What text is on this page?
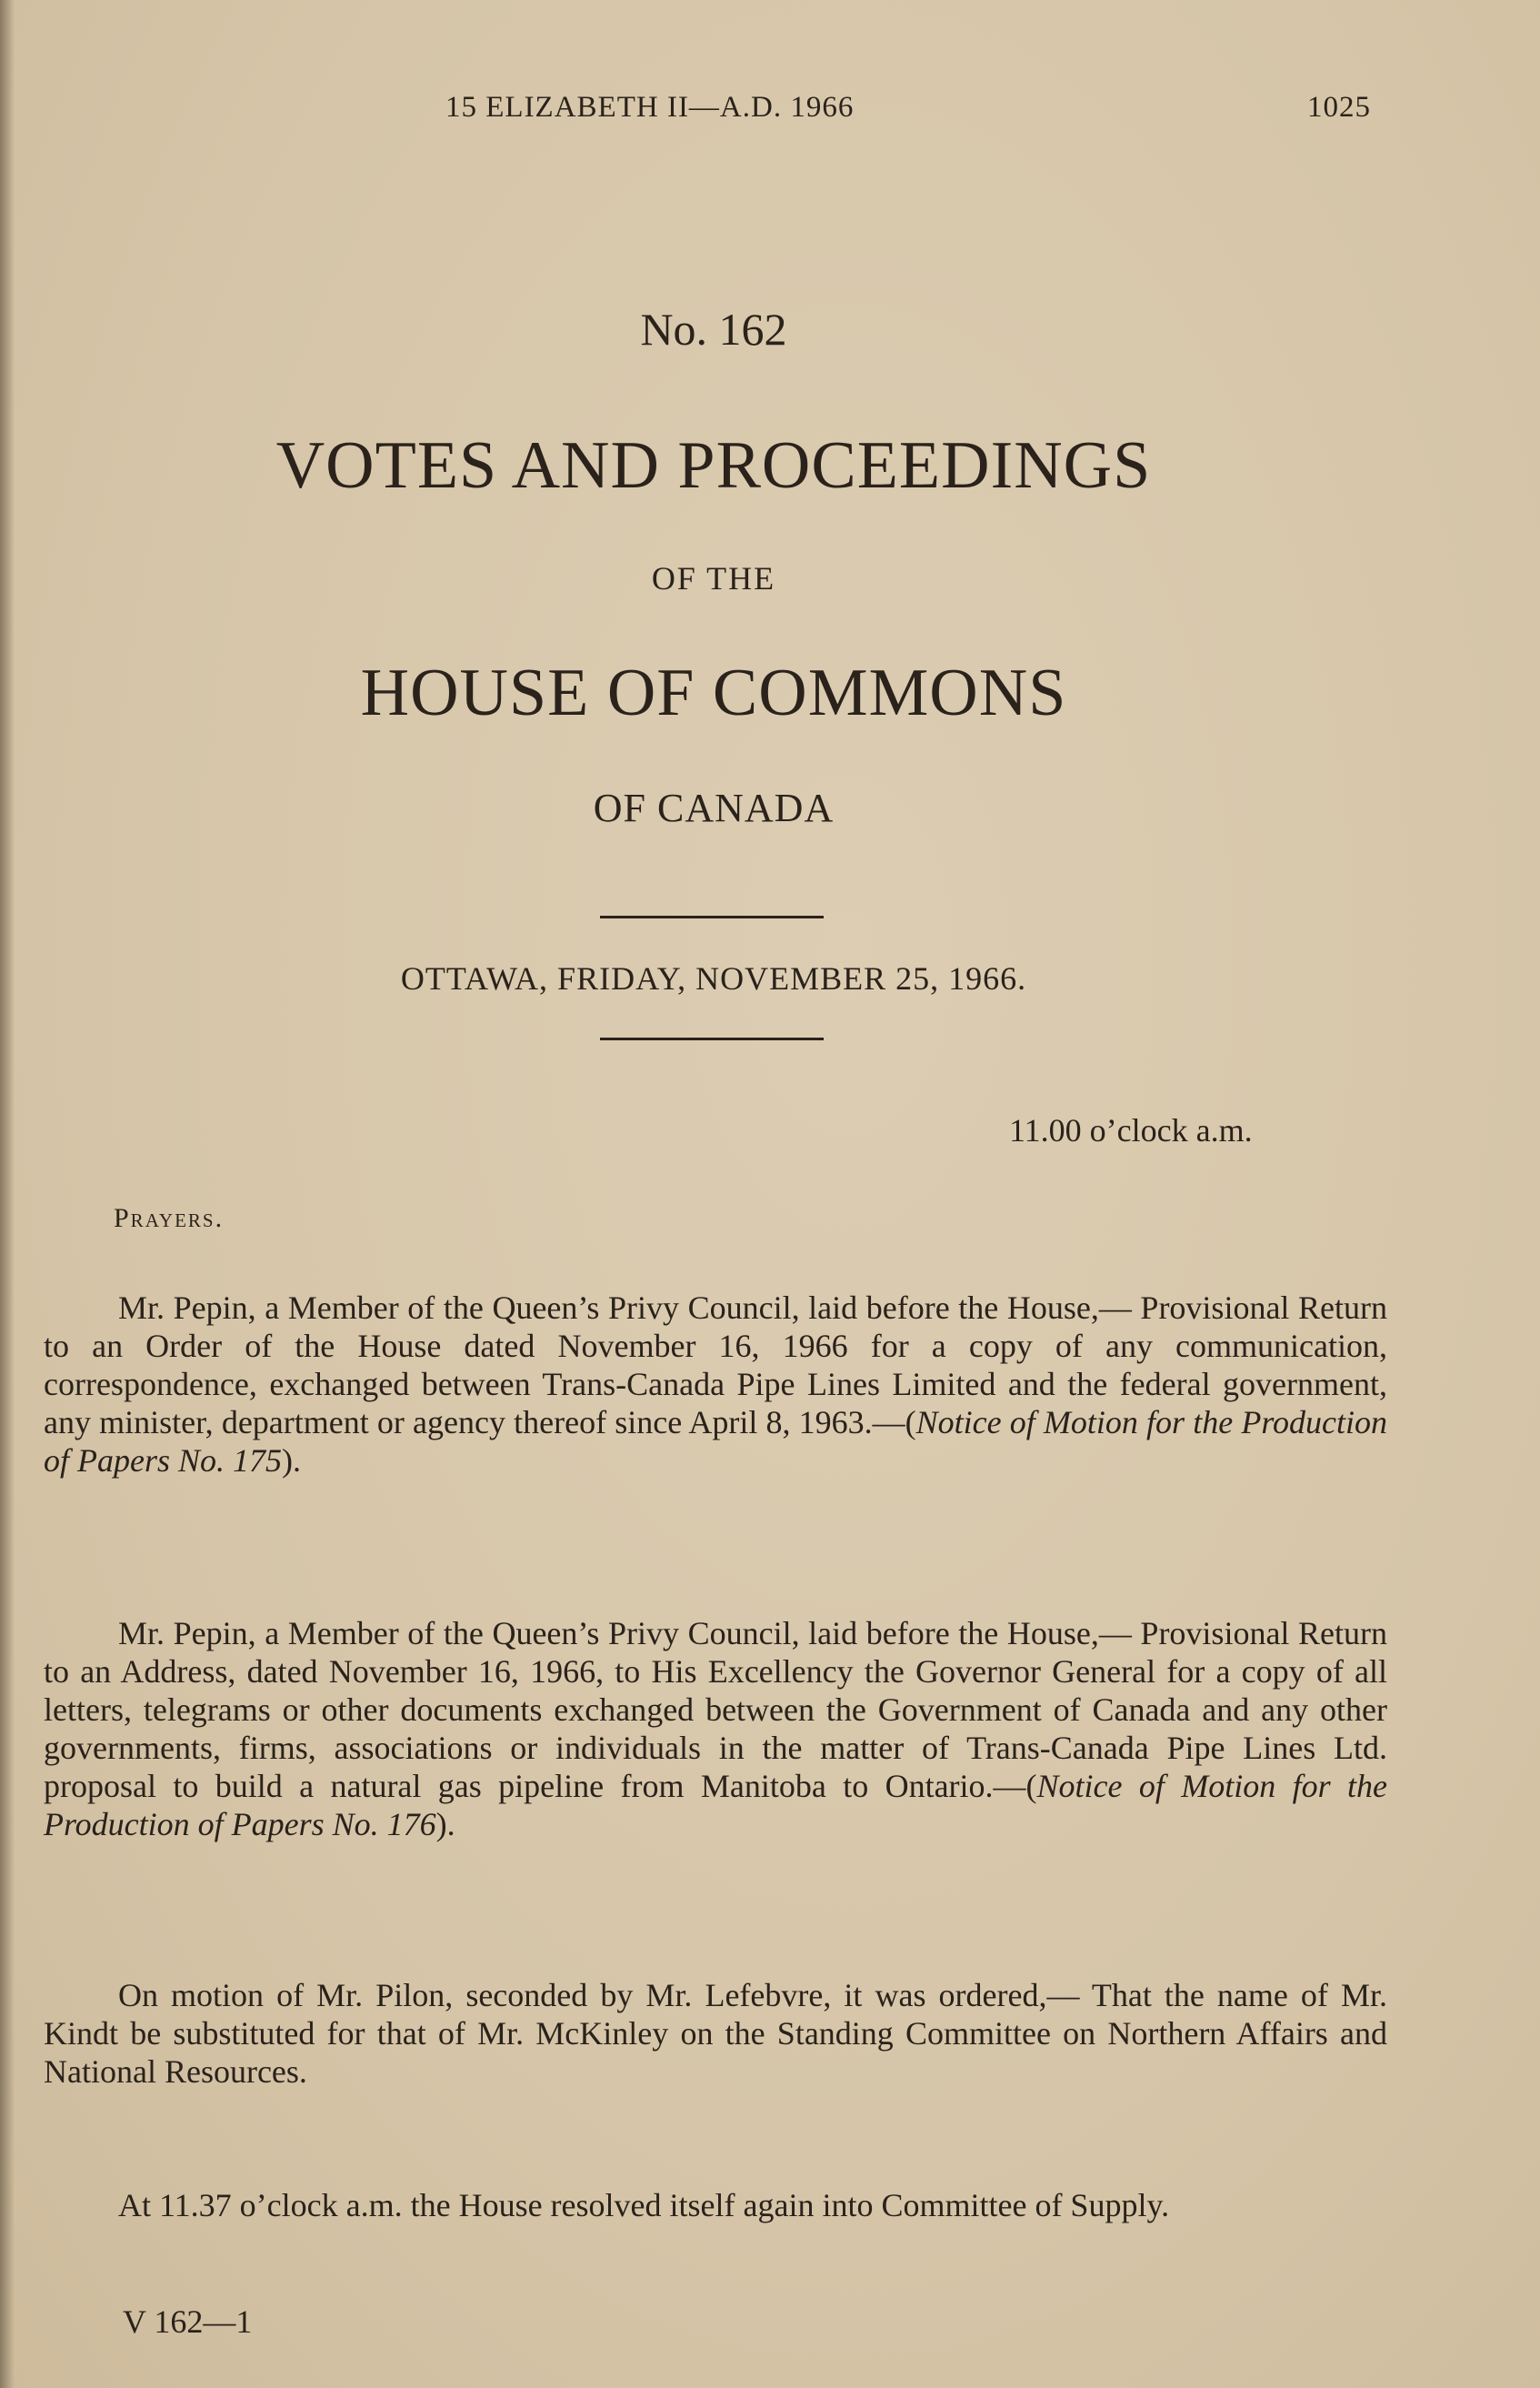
15 ELIZABETH II—A.D. 1966	1025
No. 162
VOTES AND PROCEEDINGS
OF THE
HOUSE OF COMMONS
OF CANADA
OTTAWA, FRIDAY, NOVEMBER 25, 1966.
11.00 o’clock a.m.
Prayers.

Mr. Pepin, a Member of the Queen’s Privy Council, laid before the House,— Provisional Return to an Order of the House dated November 16, 1966 for a copy of any communication, correspondence, exchanged between Trans-Canada Pipe Lines Limited and the federal government, any minister, department or agency thereof since April 8, 1963.—(Notice of Motion for the Production of Papers No. 175).

Mr. Pepin, a Member of the Queen’s Privy Council, laid before the House,— Provisional Return to an Address, dated November 16, 1966, to His Excellency the Governor General for a copy of all letters, telegrams or other documents exchanged between the Government of Canada and any other governments, firms, associations or individuals in the matter of Trans-Canada Pipe Lines Ltd. proposal to build a natural gas pipeline from Manitoba to Ontario.—(Notice of Motion for the Production of Papers No. 176).

On motion of Mr. Pilon, seconded by Mr. Lefebvre, it was ordered,— That the name of Mr. Kindt be substituted for that of Mr. McKinley on the Standing Committee on Northern Affairs and National Resources.

At 11.37 o’clock a.m. the House resolved itself again into Committee of Supply.

V 162—1
